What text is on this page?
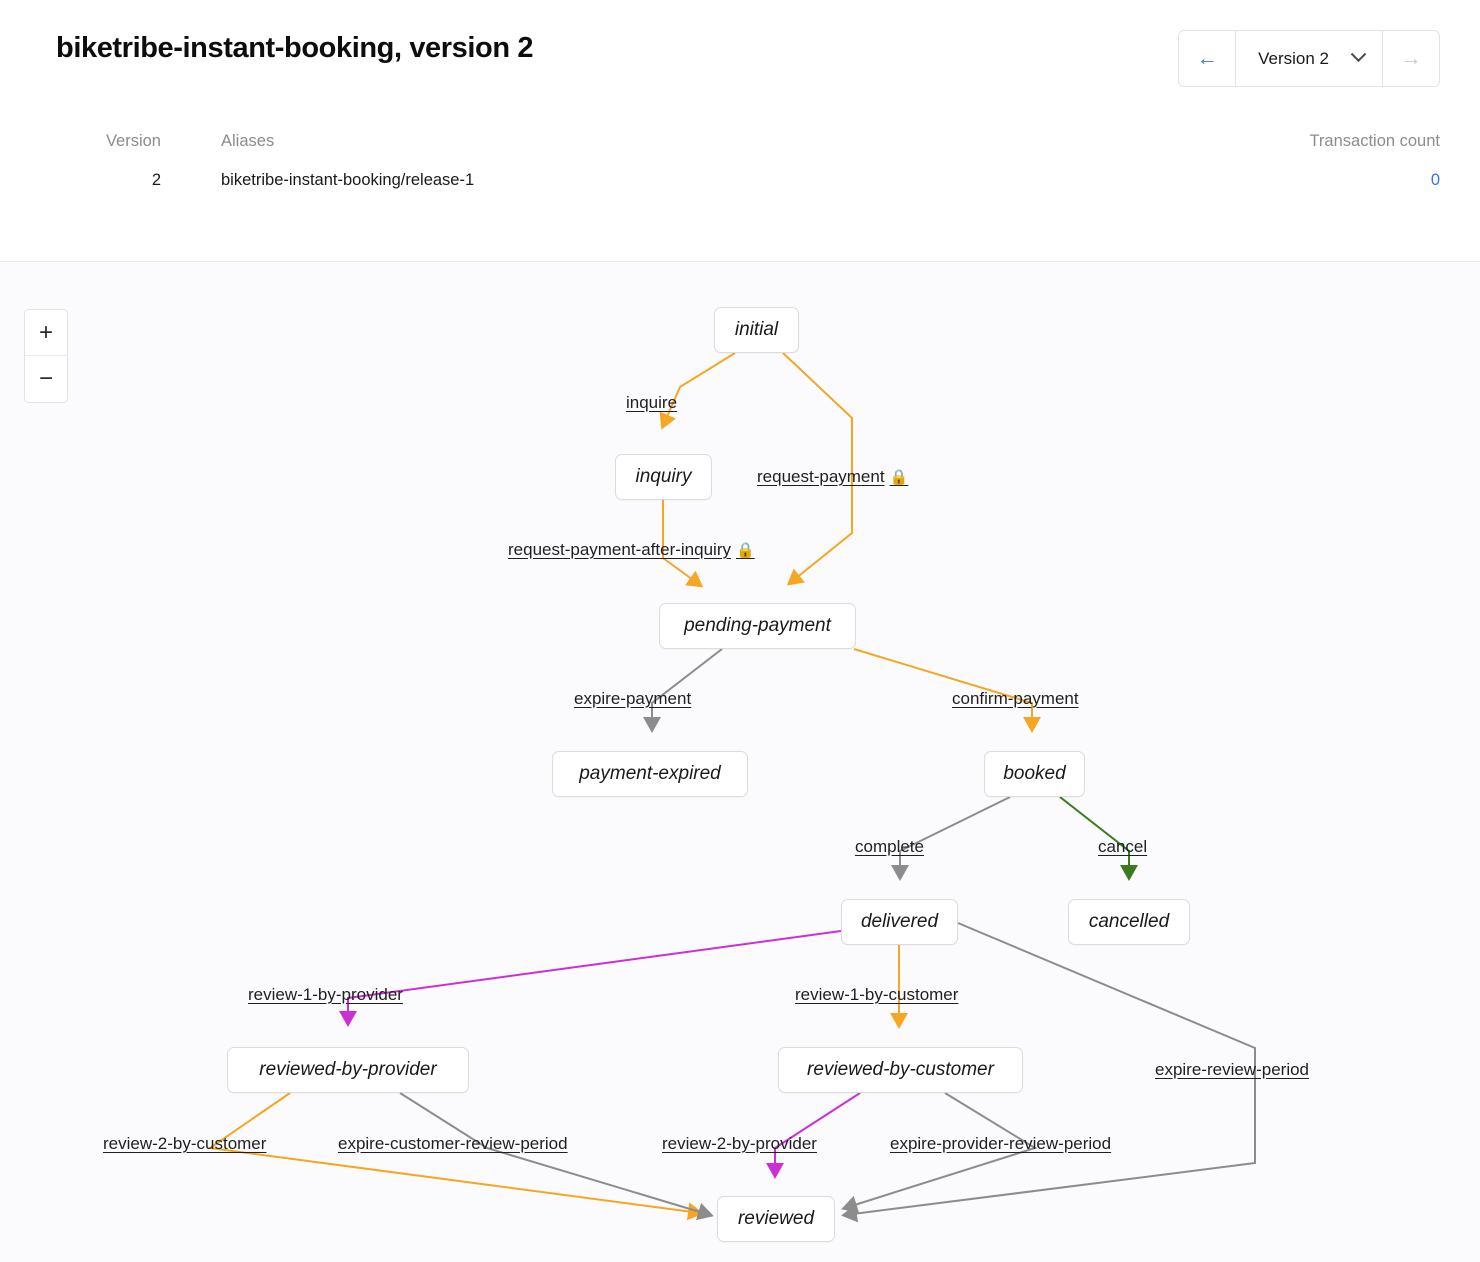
biketribe-instant-booking, version 2	←	Version 2	→
Version	Aliases	Transaction count
2	biketribe-instant-booking/release-1	0
+
−
initial
inquiry
pending-payment
payment-expired	booked
delivered	cancelled
reviewed-by-provider	reviewed-by-customer
reviewed
inquire
request-payment 🔒
request-payment-after-inquiry 🔒
expire-payment	confirm-payment
complete	cancel
review-1-by-provider	review-1-by-customer
expire-review-period
review-2-by-customer	expire-customer-review-period	review-2-by-provider	expire-provider-review-period
